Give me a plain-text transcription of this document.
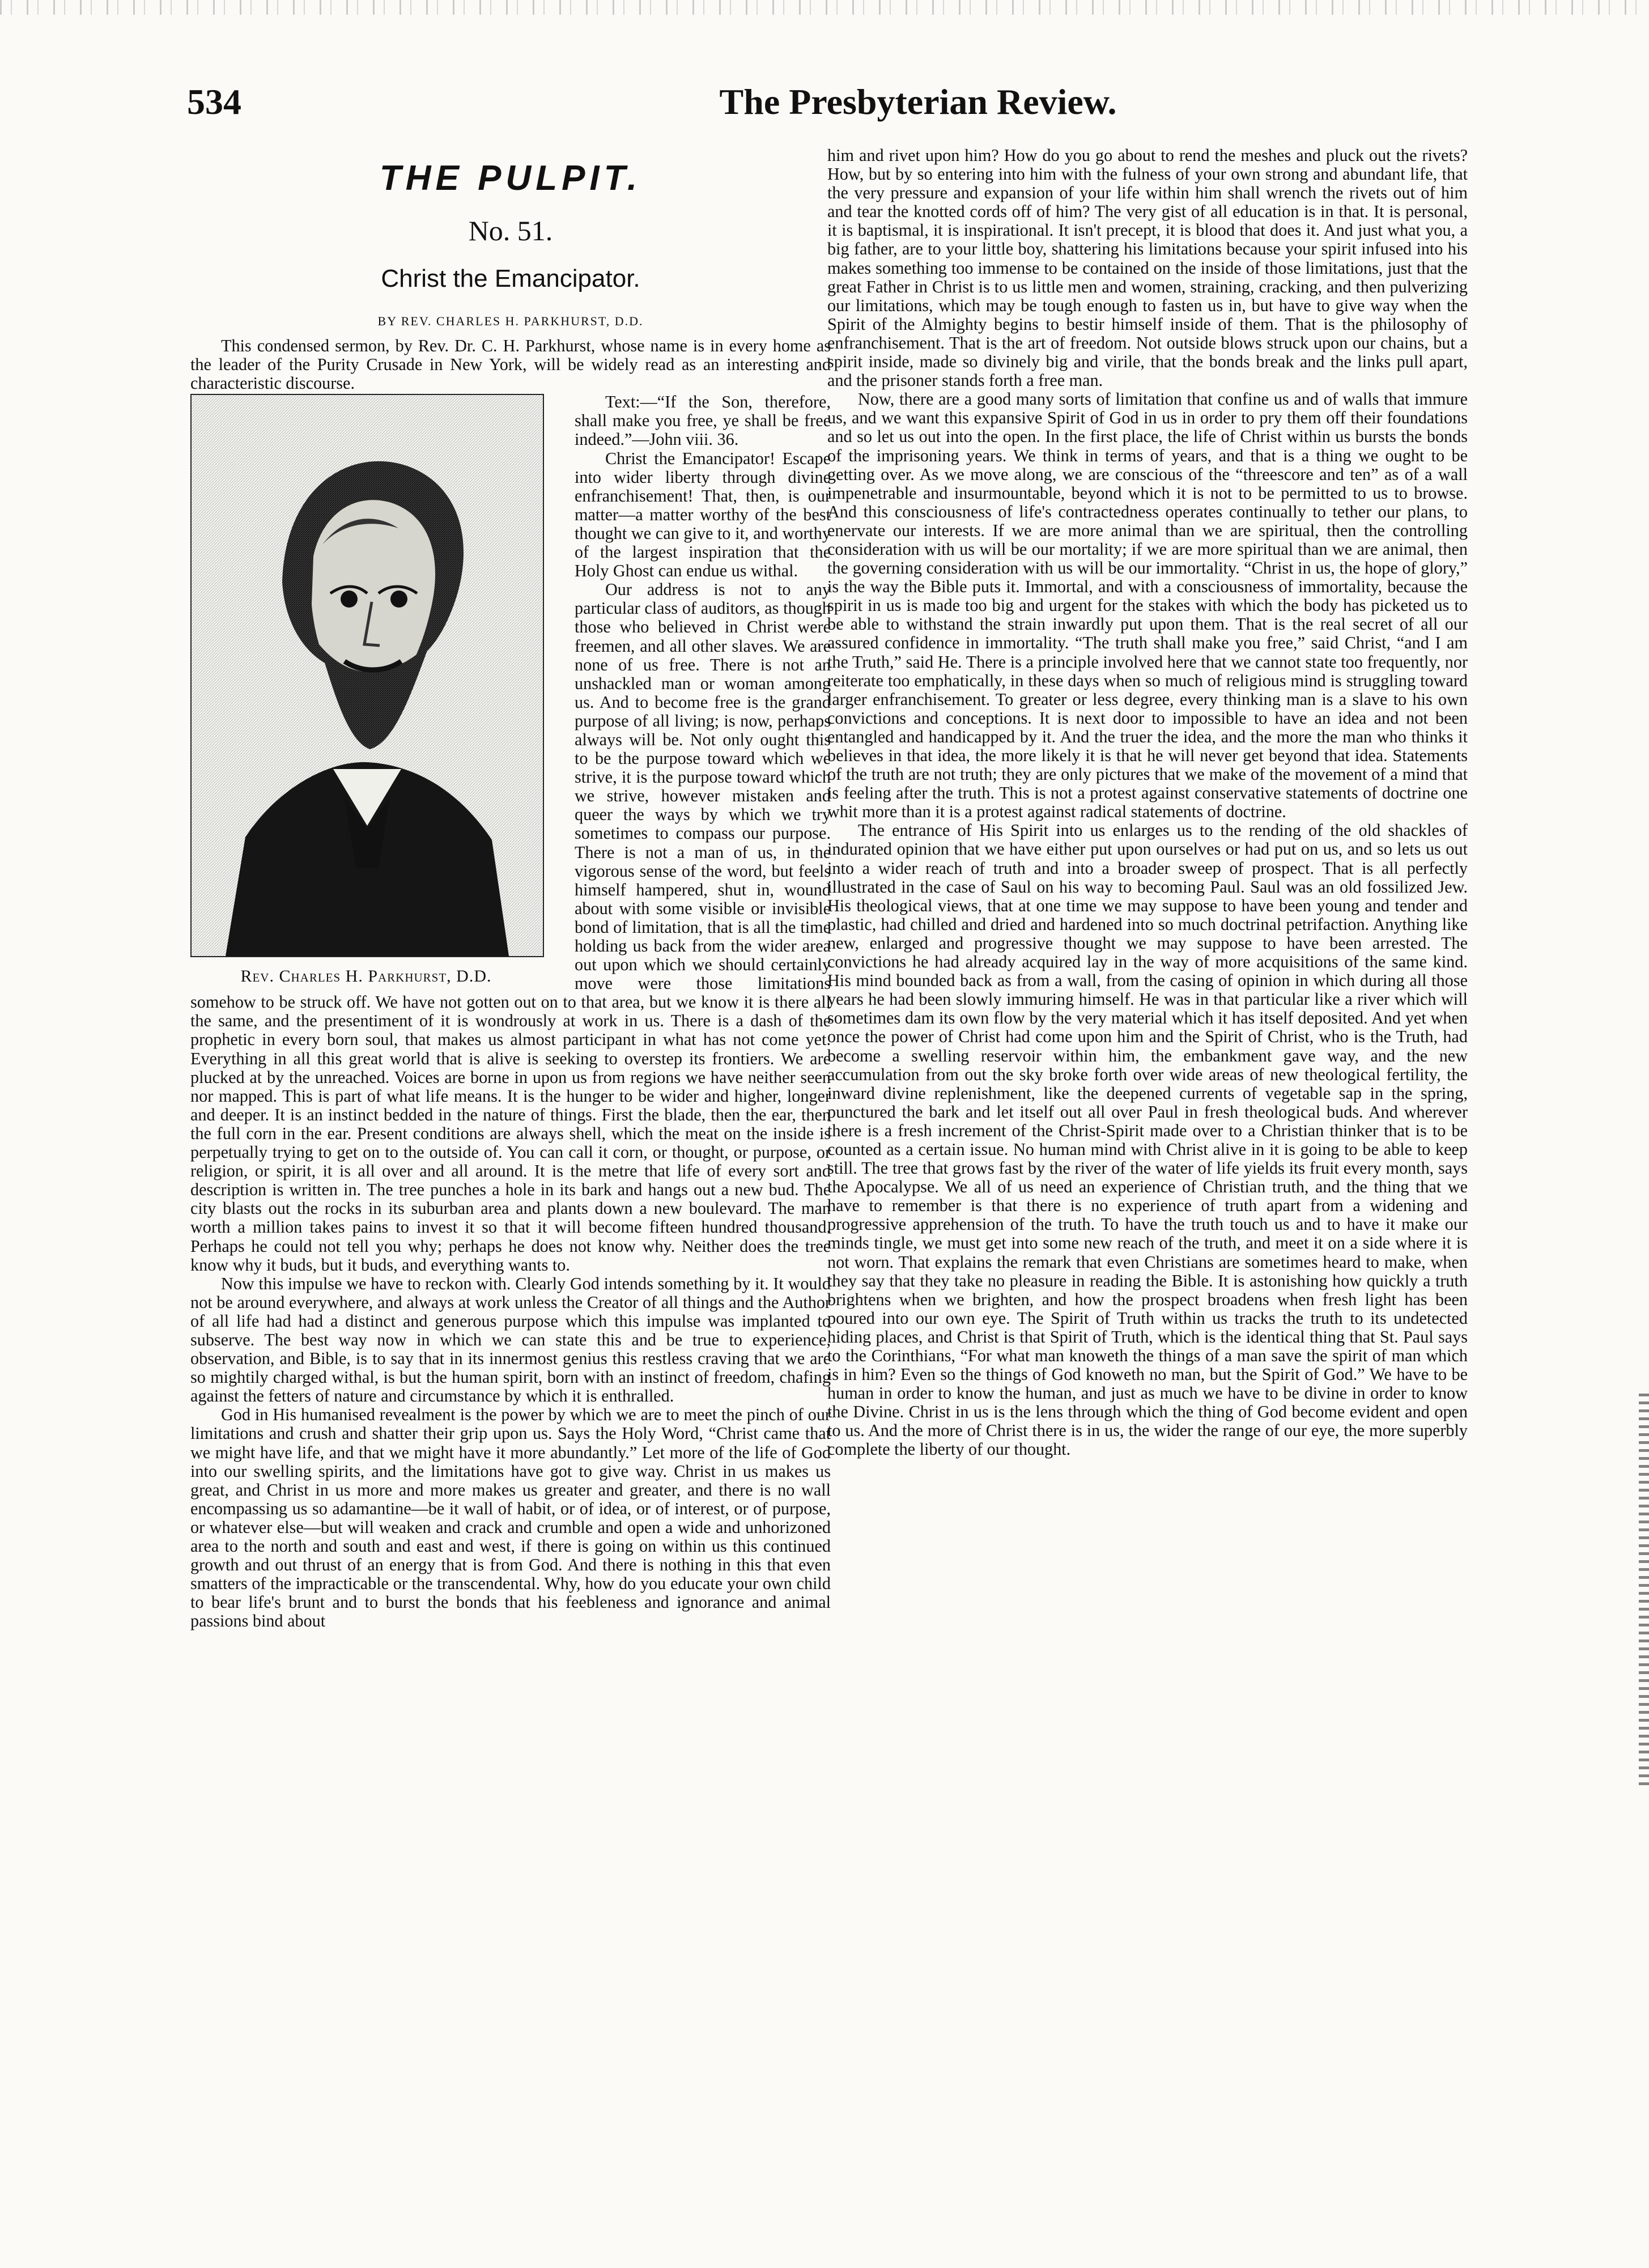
534	The Presbyterian Review.
THE PULPIT.
No. 51.
Christ the Emancipator.
BY REV. CHARLES H. PARKHURST, D.D.

This condensed sermon, by Rev. Dr. C. H. Parkhurst, whose name is in every home as the leader of the Purity Crusade in New York, will be widely read as an interesting and characteristic discourse.

Rev. Charles H. Parkhurst, D.D.

Text:—“If the Son, therefore, shall make you free, ye shall be free indeed.”—John viii. 36.

Christ the Emancipator! Escape into wider liberty through divine enfranchisement! That, then, is our matter—a matter worthy of the best thought we can give to it, and worthy of the largest inspiration that the Holy Ghost can endue us withal.

Our address is not to any particular class of auditors, as though those who believed in Christ were freemen, and all other slaves. We are none of us free. There is not an unshackled man or woman among us. And to become free is the grand purpose of all living; is now, perhaps always will be. Not only ought this to be the purpose toward which we strive, it is the purpose toward which we strive, however mistaken and queer the ways by which we try sometimes to compass our purpose. There is not a man of us, in the vigorous sense of the word, but feels himself hampered, shut in, wound about with some visible or invisible bond of limitation, that is all the time holding us back from the wider area out upon which we should certainly move were those limitations somehow to be struck off. We have not gotten out on to that area, but we know it is there all the same, and the presentiment of it is wondrously at work in us. There is a dash of the prophetic in every born soul, that makes us almost participant in what has not come yet. Everything in all this great world that is alive is seeking to overstep its frontiers. We are plucked at by the unreached. Voices are borne in upon us from regions we have neither seen nor mapped. This is part of what life means. It is the hunger to be wider and higher, longer and deeper. It is an instinct bedded in the nature of things. First the blade, then the ear, then the full corn in the ear. Present conditions are always shell, which the meat on the inside is perpetually trying to get on to the outside of. You can call it corn, or thought, or purpose, or religion, or spirit, it is all over and all around. It is the metre that life of every sort and description is written in. The tree punches a hole in its bark and hangs out a new bud. The city blasts out the rocks in its suburban area and plants down a new boulevard. The man worth a million takes pains to invest it so that it will become fifteen hundred thousand. Perhaps he could not tell you why; perhaps he does not know why. Neither does the tree know why it buds, but it buds, and everything wants to.

Now this impulse we have to reckon with. Clearly God intends something by it. It would not be around everywhere, and always at work unless the Creator of all things and the Author of all life had had a distinct and generous purpose which this impulse was implanted to subserve. The best way now in which we can state this and be true to experience, observation, and Bible, is to say that in its innermost genius this restless craving that we are so mightily charged withal, is but the human spirit, born with an instinct of freedom, chafing against the fetters of nature and circumstance by which it is enthralled.

God in His humanised revealment is the power by which we are to meet the pinch of our limitations and crush and shatter their grip upon us. Says the Holy Word, “Christ came that we might have life, and that we might have it more abundantly.” Let more of the life of God into our swelling spirits, and the limitations have got to give way. Christ in us makes us great, and Christ in us more and more makes us greater and greater, and there is no wall encompassing us so adamantine—be it wall of habit, or of idea, or of interest, or of purpose, or whatever else—but will weaken and crack and crumble and open a wide and unhorizoned area to the north and south and east and west, if there is going on within us this continued growth and out thrust of an energy that is from God. And there is nothing in this that even smatters of the impracticable or the transcendental. Why, how do you educate your own child to bear life's brunt and to burst the bonds that his feebleness and ignorance and animal passions bind about

him and rivet upon him? How do you go about to rend the meshes and pluck out the rivets? How, but by so entering into him with the fulness of your own strong and abundant life, that the very pressure and expansion of your life within him shall wrench the rivets out of him and tear the knotted cords off of him? The very gist of all education is in that. It is personal, it is baptismal, it is inspirational. It isn't precept, it is blood that does it. And just what you, a big father, are to your little boy, shattering his limitations because your spirit infused into his makes something too immense to be contained on the inside of those limitations, just that the great Father in Christ is to us little men and women, straining, cracking, and then pulverizing our limitations, which may be tough enough to fasten us in, but have to give way when the Spirit of the Almighty begins to bestir himself inside of them. That is the philosophy of enfranchisement. That is the art of freedom. Not outside blows struck upon our chains, but a spirit inside, made so divinely big and virile, that the bonds break and the links pull apart, and the prisoner stands forth a free man.

Now, there are a good many sorts of limitation that confine us and of walls that immure us, and we want this expansive Spirit of God in us in order to pry them off their foundations and so let us out into the open. In the first place, the life of Christ within us bursts the bonds of the imprisoning years. We think in terms of years, and that is a thing we ought to be getting over. As we move along, we are conscious of the “threescore and ten” as of a wall impenetrable and insurmountable, beyond which it is not to be permitted to us to browse. And this consciousness of life's contractedness operates continually to tether our plans, to enervate our interests. If we are more animal than we are spiritual, then the controlling consideration with us will be our mortality; if we are more spiritual than we are animal, then the governing consideration with us will be our immortality. “Christ in us, the hope of glory,” is the way the Bible puts it. Immortal, and with a consciousness of immortality, because the spirit in us is made too big and urgent for the stakes with which the body has picketed us to be able to withstand the strain inwardly put upon them. That is the real secret of all our assured confidence in immortality. “The truth shall make you free,” said Christ, “and I am the Truth,” said He. There is a principle involved here that we cannot state too frequently, nor reiterate too emphatically, in these days when so much of religious mind is struggling toward larger enfranchisement. To greater or less degree, every thinking man is a slave to his own convictions and conceptions. It is next door to impossible to have an idea and not been entangled and handicapped by it. And the truer the idea, and the more the man who thinks it believes in that idea, the more likely it is that he will never get beyond that idea. Statements of the truth are not truth; they are only pictures that we make of the movement of a mind that is feeling after the truth. This is not a protest against conservative statements of doctrine one whit more than it is a protest against radical statements of doctrine.

The entrance of His Spirit into us enlarges us to the rending of the old shackles of indurated opinion that we have either put upon ourselves or had put on us, and so lets us out into a wider reach of truth and into a broader sweep of prospect. That is all perfectly illustrated in the case of Saul on his way to becoming Paul. Saul was an old fossilized Jew. His theological views, that at one time we may suppose to have been young and tender and plastic, had chilled and dried and hardened into so much doctrinal petrifaction. Anything like new, enlarged and progressive thought we may suppose to have been arrested. The convictions he had already acquired lay in the way of more acquisitions of the same kind. His mind bounded back as from a wall, from the casing of opinion in which during all those years he had been slowly immuring himself. He was in that particular like a river which will sometimes dam its own flow by the very material which it has itself deposited. And yet when once the power of Christ had come upon him and the Spirit of Christ, who is the Truth, had become a swelling reservoir within him, the embankment gave way, and the new accumulation from out the sky broke forth over wide areas of new theological fertility, the inward divine replenishment, like the deepened currents of vegetable sap in the spring, punctured the bark and let itself out all over Paul in fresh theological buds. And wherever there is a fresh increment of the Christ-Spirit made over to a Christian thinker that is to be counted as a certain issue. No human mind with Christ alive in it is going to be able to keep still. The tree that grows fast by the river of the water of life yields its fruit every month, says the Apocalypse. We all of us need an experience of Christian truth, and the thing that we have to remember is that there is no experience of truth apart from a widening and progressive apprehension of the truth. To have the truth touch us and to have it make our minds tingle, we must get into some new reach of the truth, and meet it on a side where it is not worn. That explains the remark that even Christians are sometimes heard to make, when they say that they take no pleasure in reading the Bible. It is astonishing how quickly a truth brightens when we brighten, and how the prospect broadens when fresh light has been poured into our own eye. The Spirit of Truth within us tracks the truth to its undetected hiding places, and Christ is that Spirit of Truth, which is the identical thing that St. Paul says to the Corinthians, “For what man knoweth the things of a man save the spirit of man which is in him? Even so the things of God knoweth no man, but the Spirit of God.” We have to be human in order to know the human, and just as much we have to be divine in order to know the Divine. Christ in us is the lens through which the thing of God become evident and open to us. And the more of Christ there is in us, the wider the range of our eye, the more superbly complete the liberty of our thought.
